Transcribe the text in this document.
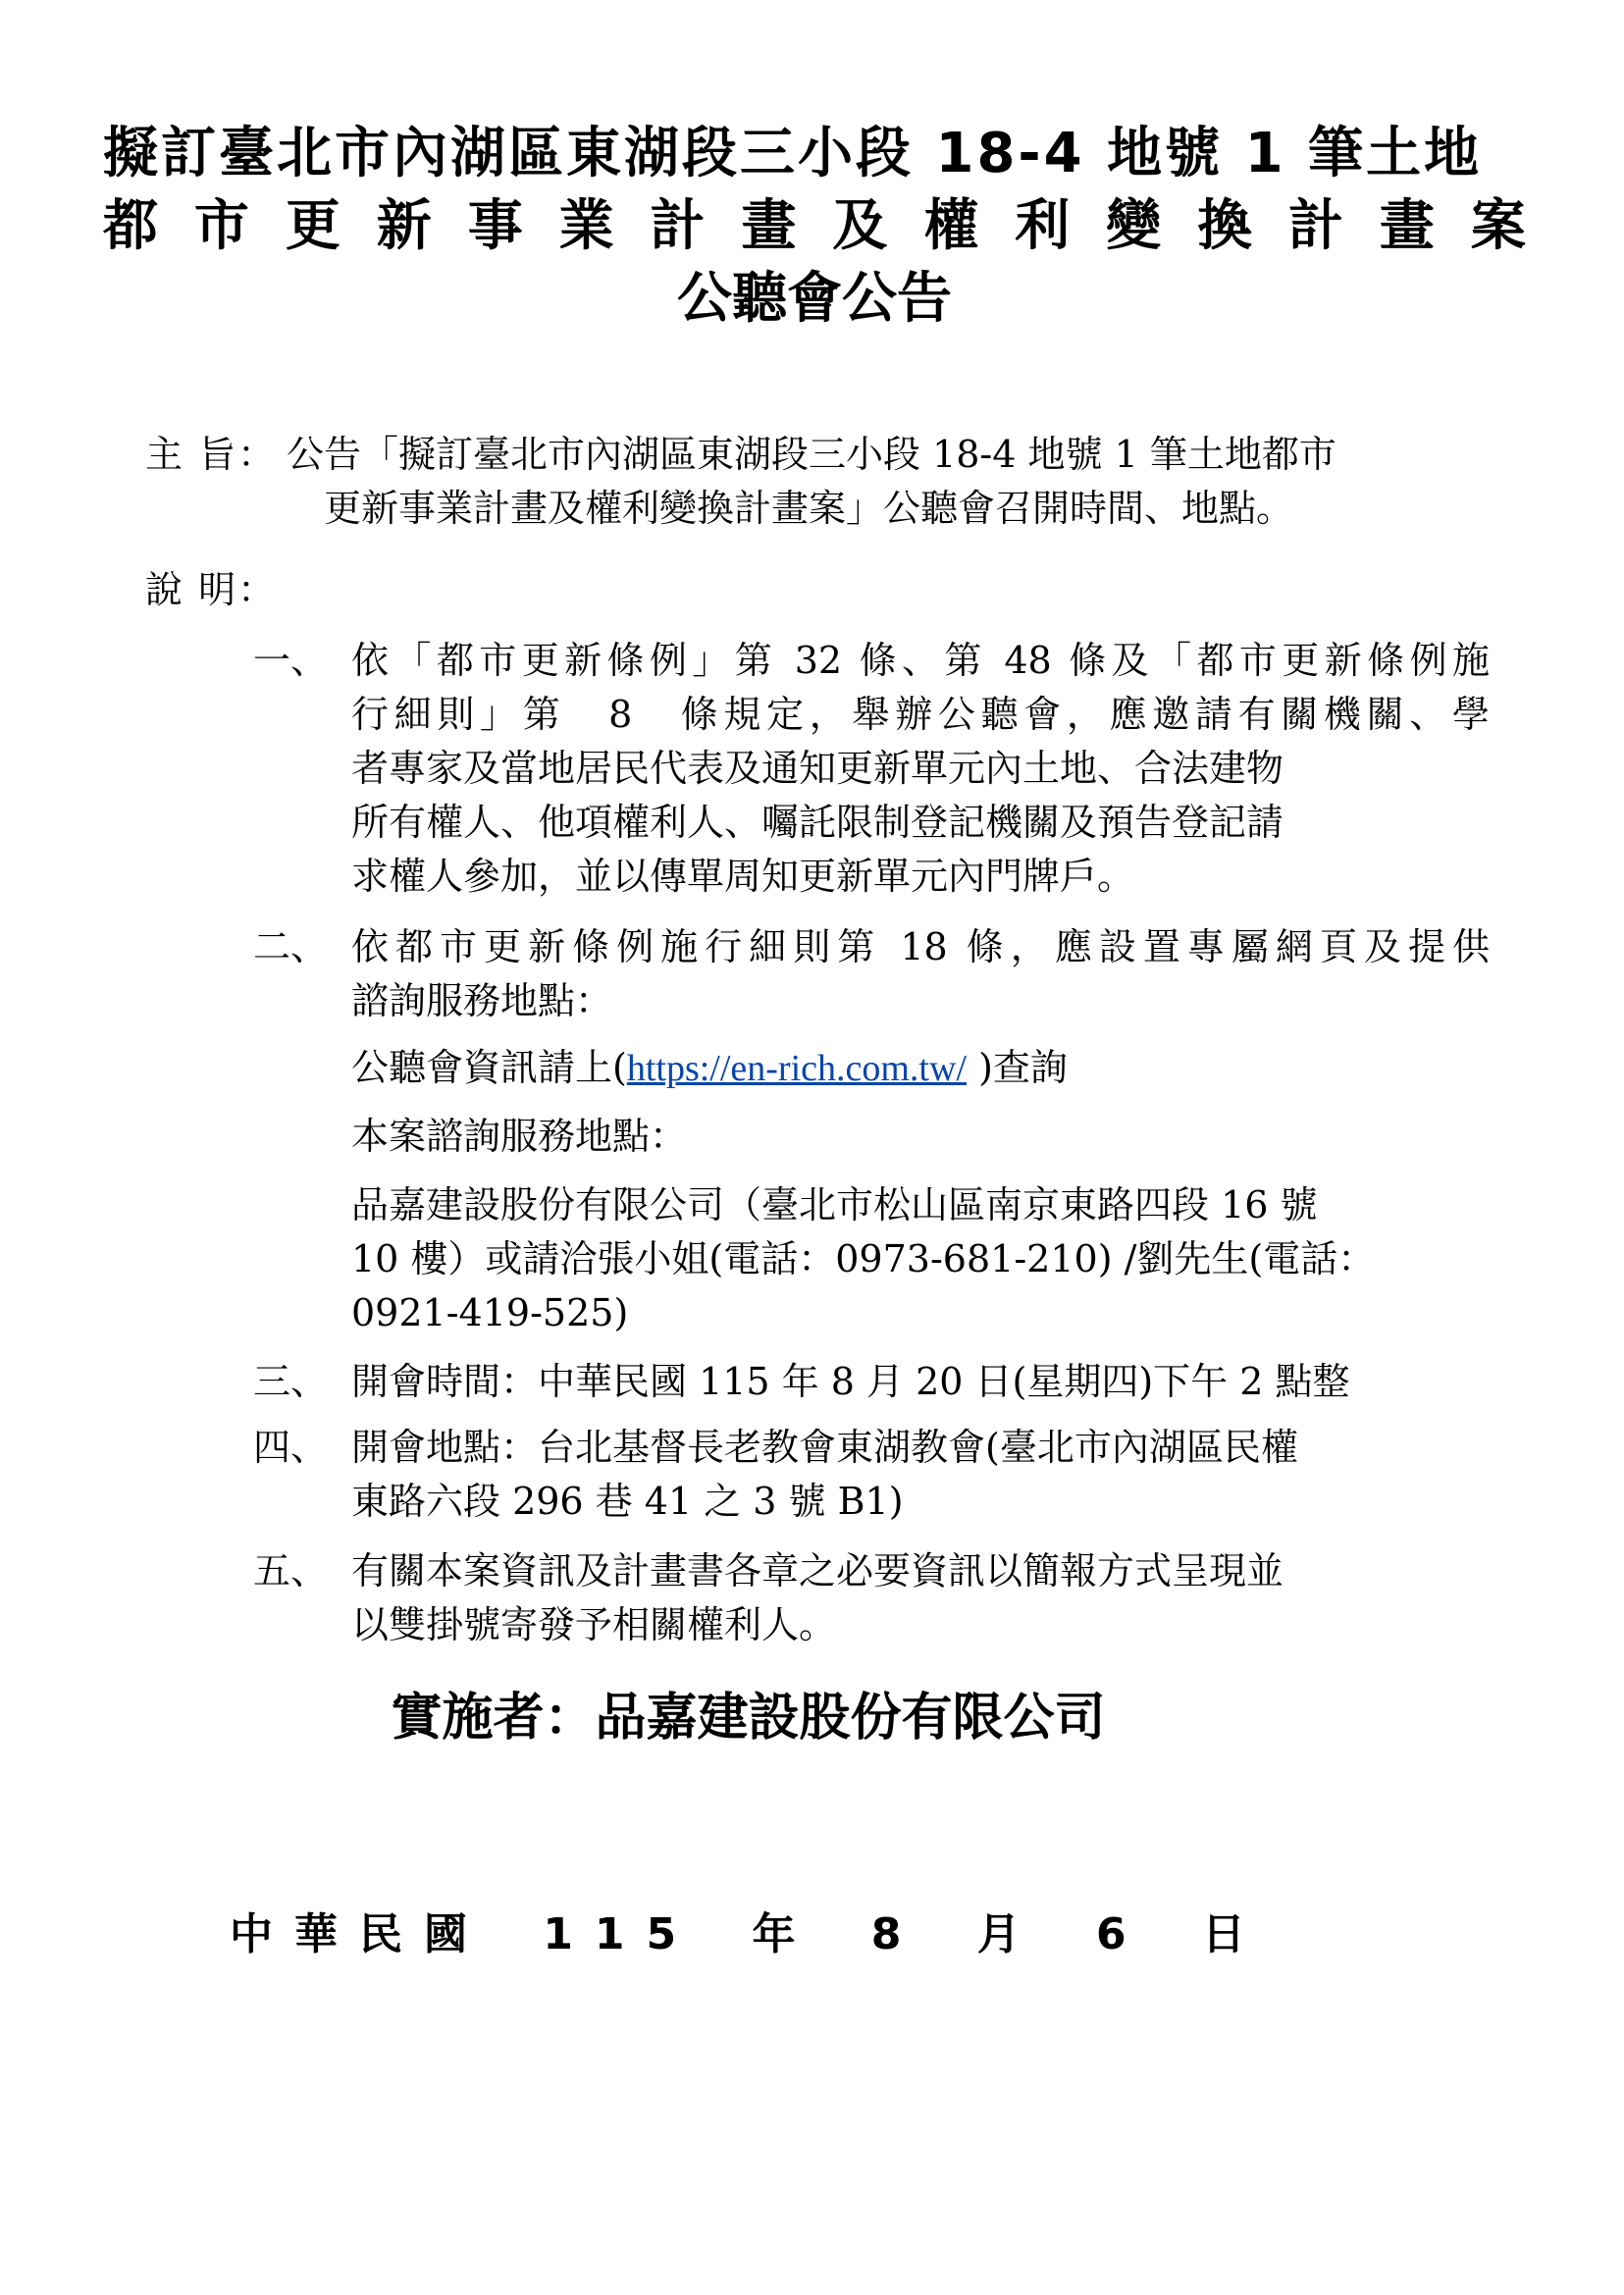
擬訂臺北市內湖區東湖段三小段 18-4 地號 1 筆土地
都 市 更 新 事 業 計 畫 及 權 利 變 換 計 畫 案
公聽會公告
主 旨： 公告「擬訂臺北市內湖區東湖段三小段 18-4 地號 1 筆土地都市
更新事業計畫及權利變換計畫案」公聽會召開時間、地點。
說 明：
一、 依「都市更新條例」第 32 條、第 48 條及「都市更新條例施
行細則」第　8　條規定，舉辦公聽會，應邀請有關機關、學
者專家及當地居民代表及通知更新單元內土地、合法建物
所有權人、他項權利人、囑託限制登記機關及預告登記請
求權人參加，並以傳單周知更新單元內門牌戶。
二、 依都市更新條例施行細則第 18 條，應設置專屬網頁及提供
諮詢服務地點：
公聽會資訊請上(https://en-rich.com.tw/ )查詢
本案諮詢服務地點：
品嘉建設股份有限公司（臺北市松山區南京東路四段 16 號
10 樓）或請洽張小姐(電話：0973-681-210) /劉先生(電話：
0921-419-525)
三、 開會時間：中華民國 115 年 8 月 20 日(星期四)下午 2 點整
四、 開會地點：台北基督長老教會東湖教會(臺北市內湖區民權
東路六段 296 巷 41 之 3 號 B1)
五、 有關本案資訊及計畫書各章之必要資訊以簡報方式呈現並
以雙掛號寄發予相關權利人。
實施者：品嘉建設股份有限公司
中華民國 115 年 8 月 6 日
